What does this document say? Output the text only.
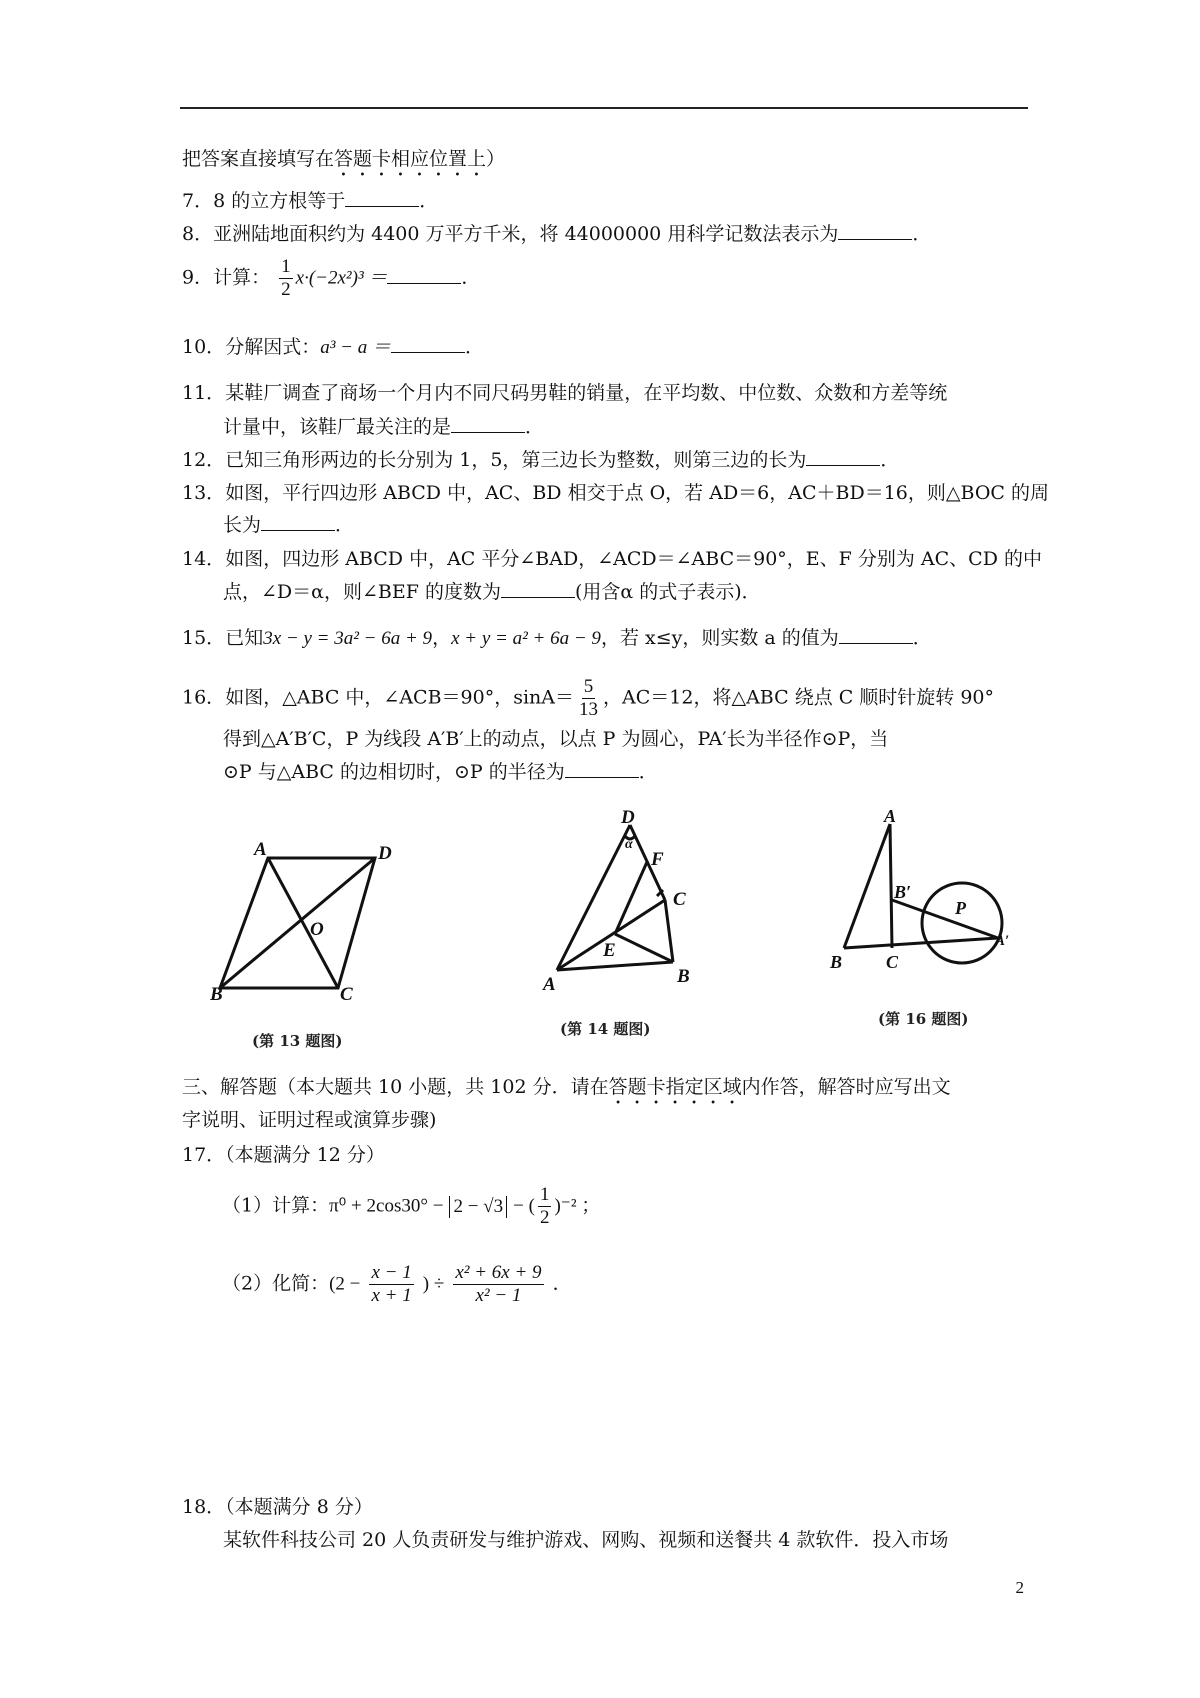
把答案直接填写在答题卡相应位置上）
7．8 的立方根等于	．
8．亚洲陆地面积约为 4400 万平方千米，将 44000000 用科学记数法表示为	．
9．计算： $\frac{1}{2} x\cdot(-2x^2)^3$ ＝	．
10．分解因式：a³ − a ＝	．
11．某鞋厂调查了商场一个月内不同尺码男鞋的销量，在平均数、中位数、众数和方差等统
计量中，该鞋厂最关注的是	．
12．已知三角形两边的长分别为 1，5，第三边长为整数，则第三边的长为	．
13．如图，平行四边形 ABCD 中，AC、BD 相交于点 O，若 AD＝6，AC＋BD＝16，则△BOC 的周
长为	．
14．如图，四边形 ABCD 中，AC 平分∠BAD，∠ACD＝∠ABC＝90°，E、F 分别为 AC、CD 的中
点，∠D＝α，则∠BEF 的度数为	(用含α 的式子表示)．
15．已知3x − y = 3a² − 6a + 9，x + y = a² + 6a − 9，若 x≤y，则实数 a 的值为	．
16．如图，△ABC 中，∠ACB＝90°，$\sin A= \frac{5}{13}$ ，AC＝12，将△ABC 绕点 C 顺时针旋转 90°
得到△A′B′C，P 为线段 A′B′上的动点，以点 P 为圆心，PA′长为半径作⊙P，当
⊙P 与△ABC 的边相切时，⊙P 的半径为	．
A	D
O
B	C
(第 13 题图)
D
α
F
C
E
A	B
(第 14 题图)
A
B′
P
B C
A′
(第 16 题图)
三、解答题（本大题共 10 小题，共 102 分．请在答题卡指定区域内作答，解答时应写出文
字说明、证明过程或演算步骤)
17．（本题满分 12 分）
（1）计算：π⁰ + 2cos30° − 2 − √3 − ( $\frac{1}{2} )^{-2}$ ；
（2）化简：($2 - \frac{x - 1}{x + 1}$ ) ÷ $\frac{\text{x² + 6x + 9}}{\text{x² − 1}}$ ．
18．（本题满分 8 分）
某软件科技公司 20 人负责研发与维护游戏、网购、视频和送餐共 4 款软件．投入市场
2
